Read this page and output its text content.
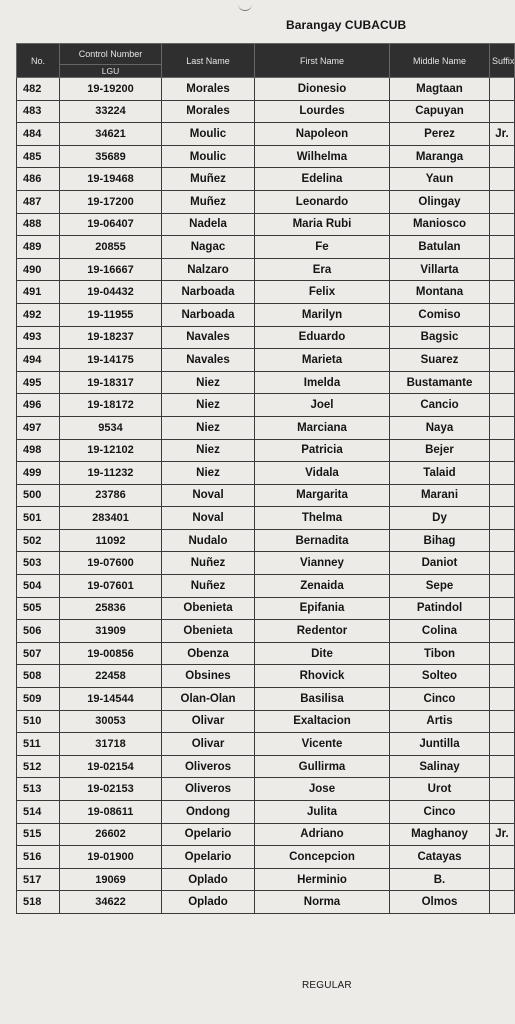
Barangay CUBACUB
No.	Control Number	Last Name	First Name	Middle Name	Suffix
	LGU				
482	19-19200	Morales	Dionesio	Magtaan	
483	33224	Morales	Lourdes	Capuyan	
484	34621	Moulic	Napoleon	Perez	Jr.
485	35689	Moulic	Wilhelma	Maranga	
486	19-19468	Muñez	Edelina	Yaun	
487	19-17200	Muñez	Leonardo	Olingay	
488	19-06407	Nadela	Maria Rubi	Maniosco	
489	20855	Nagac	Fe	Batulan	
490	19-16667	Nalzaro	Era	Villarta	
491	19-04432	Narboada	Felix	Montana	
492	19-11955	Narboada	Marilyn	Comiso	
493	19-18237	Navales	Eduardo	Bagsic	
494	19-14175	Navales	Marieta	Suarez	
495	19-18317	Niez	Imelda	Bustamante	
496	19-18172	Niez	Joel	Cancio	
497	9534	Niez	Marciana	Naya	
498	19-12102	Niez	Patricia	Bejer	
499	19-11232	Niez	Vidala	Talaid	
500	23786	Noval	Margarita	Marani	
501	283401	Noval	Thelma	Dy	
502	11092	Nudalo	Bernadita	Bihag	
503	19-07600	Nuñez	Vianney	Daniot	
504	19-07601	Nuñez	Zenaida	Sepe	
505	25836	Obenieta	Epifania	Patindol	
506	31909	Obenieta	Redentor	Colina	
507	19-00856	Obenza	Dite	Tibon	
508	22458	Obsines	Rhovick	Solteo	
509	19-14544	Olan-Olan	Basilisa	Cinco	
510	30053	Olivar	Exaltacion	Artis	
511	31718	Olivar	Vicente	Juntilla	
512	19-02154	Oliveros	Gullirma	Salinay	
513	19-02153	Oliveros	Jose	Urot	
514	19-08611	Ondong	Julita	Cinco	
515	26602	Opelario	Adriano	Maghanoy	Jr.
516	19-01900	Opelario	Concepcion	Catayas	
517	19069	Oplado	Herminio	B.	
518	34622	Oplado	Norma	Olmos	
REGULAR
